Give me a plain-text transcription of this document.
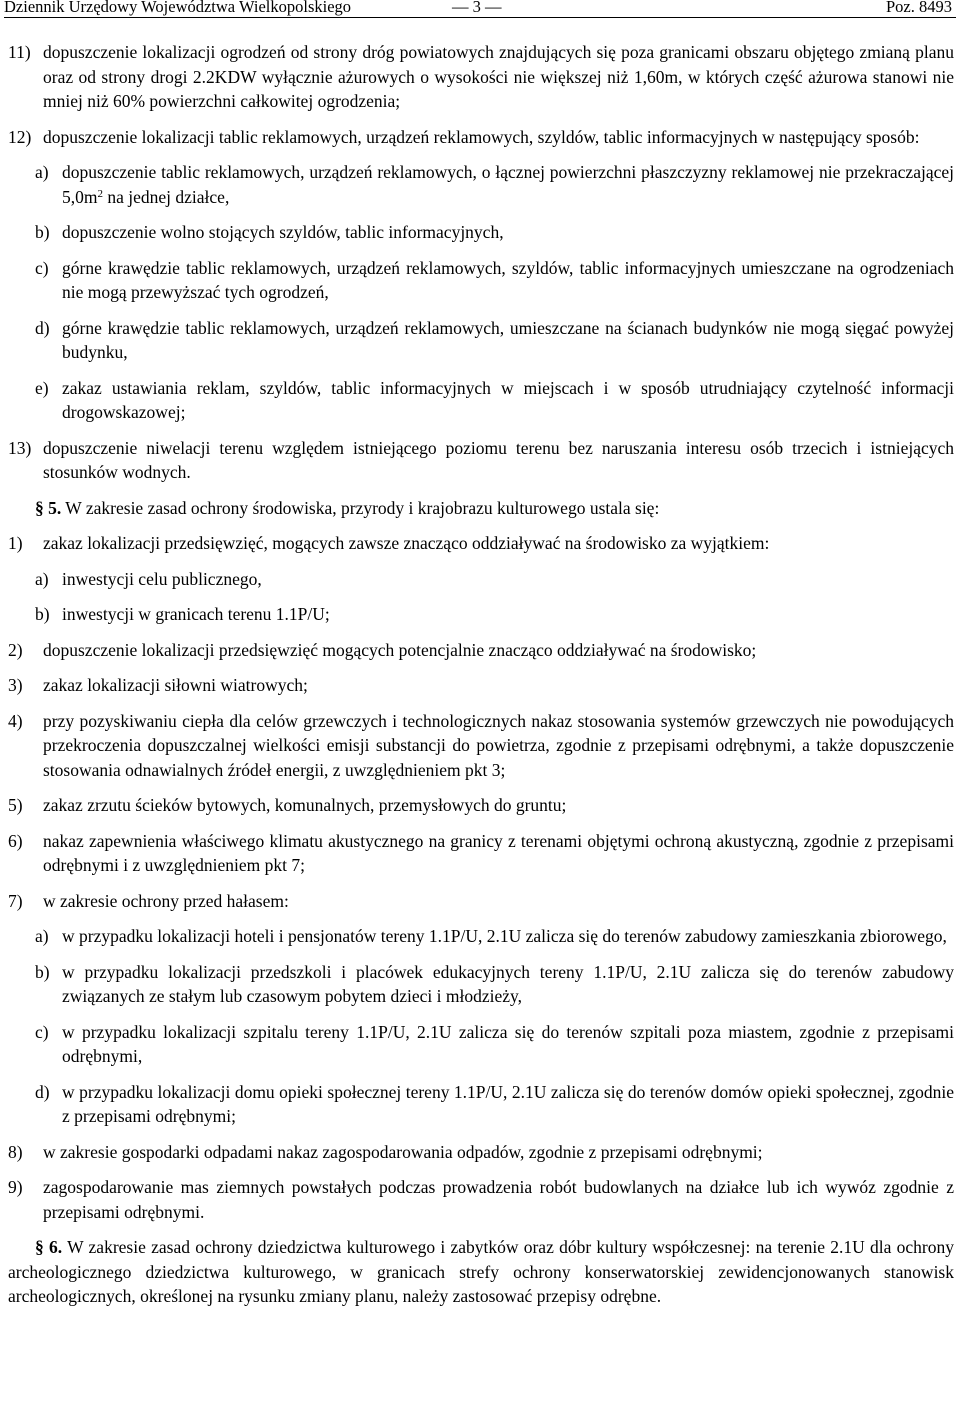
Dziennik Urzędowy Województwa Wielkopolskiego	— 3 —	Poz. 8493
11) dopuszczenie lokalizacji ogrodzeń od strony dróg powiatowych znajdujących się poza granicami obszaru objętego zmianą planu oraz od strony drogi 2.2KDW wyłącznie ażurowych o wysokości nie większej niż 1,60m, w których część ażurowa stanowi nie mniej niż 60% powierzchni całkowitej ogrodzenia;
12) dopuszczenie lokalizacji tablic reklamowych, urządzeń reklamowych, szyldów, tablic informacyjnych w następujący sposób:
a) dopuszczenie tablic reklamowych, urządzeń reklamowych, o łącznej powierzchni płaszczyzny reklamowej nie przekraczającej $5,0m^2$ na jednej działce,
b) dopuszczenie wolno stojących szyldów, tablic informacyjnych,
c) górne krawędzie tablic reklamowych, urządzeń reklamowych, szyldów, tablic informacyjnych umieszczane na ogrodzeniach nie mogą przewyższać tych ogrodzeń,
d) górne krawędzie tablic reklamowych, urządzeń reklamowych, umieszczane na ścianach budynków nie mogą sięgać powyżej budynku,
e) zakaz ustawiania reklam, szyldów, tablic informacyjnych w miejscach i w sposób utrudniający czytelność informacji drogowskazowej;
13) dopuszczenie niwelacji terenu względem istniejącego poziomu terenu bez naruszania interesu osób trzecich i istniejących stosunków wodnych.
§ 5. W zakresie zasad ochrony środowiska, przyrody i krajobrazu kulturowego ustala się:
1)	zakaz lokalizacji przedsięwzięć, mogących zawsze znacząco oddziaływać na środowisko za wyjątkiem:
a) inwestycji celu publicznego,
b) inwestycji w granicach terenu 1.1P/U;
2)	dopuszczenie lokalizacji przedsięwzięć mogących potencjalnie znacząco oddziaływać na środowisko;
3)	zakaz lokalizacji siłowni wiatrowych;
4)	przy pozyskiwaniu ciepła dla celów grzewczych i technologicznych nakaz stosowania systemów grzewczych nie powodujących przekroczenia dopuszczalnej wielkości emisji substancji do powietrza, zgodnie z przepisami odrębnymi, a także dopuszczenie stosowania odnawialnych źródeł energii, z uwzględnieniem pkt 3;
5)	zakaz zrzutu ścieków bytowych, komunalnych, przemysłowych do gruntu;
6)	nakaz zapewnienia właściwego klimatu akustycznego na granicy z terenami objętymi ochroną akustyczną, zgodnie z przepisami odrębnymi i z uwzględnieniem pkt 7;
7)	w zakresie ochrony przed hałasem:
a) w przypadku lokalizacji hoteli i pensjonatów tereny 1.1P/U, 2.1U zalicza się do terenów zabudowy zamieszkania zbiorowego,
b) w przypadku lokalizacji przedszkoli i placówek edukacyjnych tereny 1.1P/U, 2.1U zalicza się do terenów zabudowy związanych ze stałym lub czasowym pobytem dzieci i młodzieży,
c) w przypadku lokalizacji szpitalu tereny 1.1P/U, 2.1U zalicza się do terenów szpitali poza miastem, zgodnie z przepisami odrębnymi,
d) w przypadku lokalizacji domu opieki społecznej tereny 1.1P/U, 2.1U zalicza się do terenów domów opieki społecznej, zgodnie z przepisami odrębnymi;
8)	w zakresie gospodarki odpadami nakaz zagospodarowania odpadów, zgodnie z przepisami odrębnymi;
9)	zagospodarowanie mas ziemnych powstałych podczas prowadzenia robót budowlanych na działce lub ich wywóz zgodnie z przepisami odrębnymi.
§ 6. W zakresie zasad ochrony dziedzictwa kulturowego i zabytków oraz dóbr kultury współczesnej: na terenie 2.1U dla ochrony archeologicznego dziedzictwa kulturowego, w granicach strefy ochrony konserwatorskiej zewidencjonowanych stanowisk archeologicznych, określonej na rysunku zmiany planu, należy zastosować przepisy odrębne.
